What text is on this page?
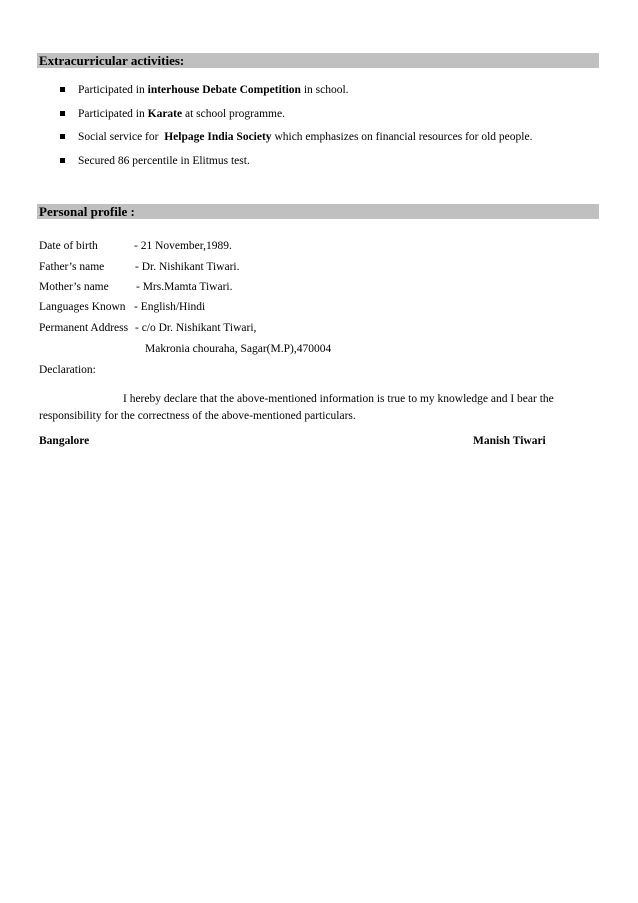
Extracurricular activities:
Participated in interhouse Debate Competition in school.
Participated in Karate at school programme.
Social service for  Helpage India Society which emphasizes on financial resources for old people.
Secured 86 percentile in Elitmus test.
Personal profile :
Date of birth	- 21 November,1989.
Father’s name	- Dr. Nishikant Tiwari.
Mother’s name - Mrs.Mamta Tiwari.
Languages Known - English/Hindi
Permanent Address - c/o Dr. Nishikant Tiwari,
Makronia chouraha, Sagar(M.P),470004
Declaration:
I hereby declare that the above-mentioned information is true to my knowledge and I bear the
responsibility for the correctness of the above-mentioned particulars.
Bangalore	Manish Tiwari
